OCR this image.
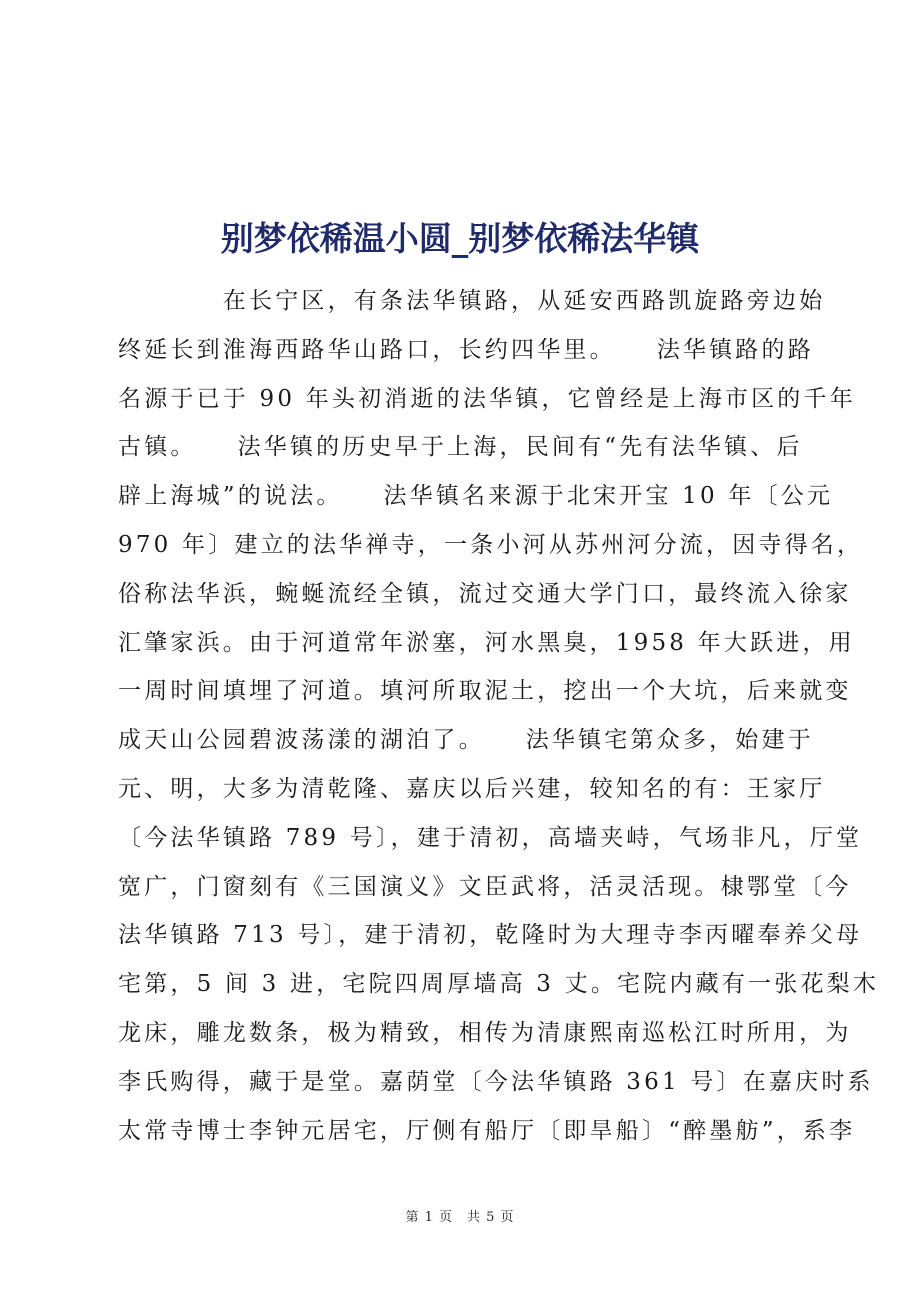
别梦依稀温小圆_别梦依稀法华镇
　　　　在长宁区，有条法华镇路，从延安西路凯旋路旁边始
终延长到淮海西路华山路口，长约四华里。　　法华镇路的路
名源于已于 90 年头初消逝的法华镇，它曾经是上海市区的千年
古镇。　　法华镇的历史早于上海，民间有“先有法华镇、后
辟上海城”的说法。　　法华镇名来源于北宋开宝 10 年〔公元
970 年〕建立的法华禅寺，一条小河从苏州河分流，因寺得名，
俗称法华浜，蜿蜒流经全镇，流过交通大学门口，最终流入徐家
汇肇家浜。由于河道常年淤塞，河水黑臭，1958 年大跃进，用
一周时间填埋了河道。填河所取泥土，挖出一个大坑，后来就变
成天山公园碧波荡漾的湖泊了。　　法华镇宅第众多，始建于
元、明，大多为清乾隆、嘉庆以后兴建，较知名的有：王家厅
〔今法华镇路 789 号〕，建于清初，高墙夹峙，气场非凡，厅堂
宽广，门窗刻有《三国演义》文臣武将，活灵活现。棣鄂堂〔今
法华镇路 713 号〕，建于清初，乾隆时为大理寺李丙曜奉养父母
宅第，5 间 3 进，宅院四周厚墙高 3 丈。宅院内藏有一张花梨木
龙床，雕龙数条，极为精致，相传为清康熙南巡松江时所用，为
李氏购得，藏于是堂。嘉荫堂〔今法华镇路 361 号〕在嘉庆时系
太常寺博士李钟元居宅，厅侧有船厅〔即旱船〕“醉墨舫”，系李
第 1 页　共 5 页
